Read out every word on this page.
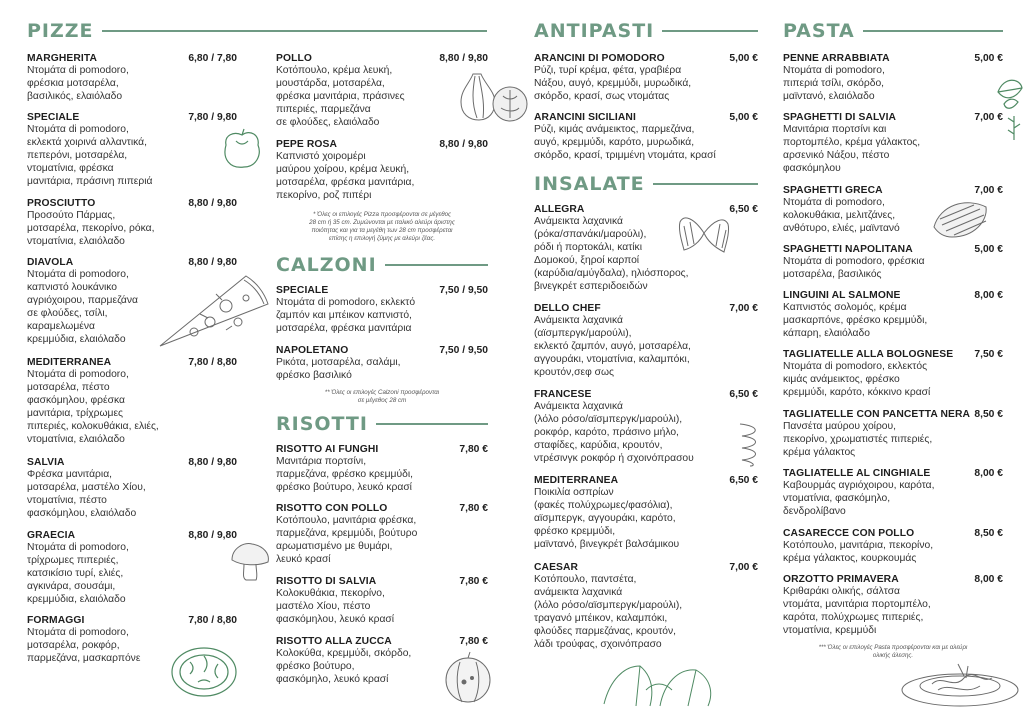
PIZZE
CALZONI
RISOTTI
ANTIPASTI
INSALATE
PASTA
MARGHERITA	6,80 / 7,80
Ντομάτα di pomodoro,
φρέσκια μοτσαρέλα,
βασιλικός, ελαιόλαδο
SPECIALE	7,80 / 9,80
Ντομάτα di pomodoro,
εκλεκτά χοιρινά αλλαντικά,
πεπερόνι, μοτσαρέλα,
ντοματίνια, φρέσκα
μανιτάρια, πράσινη πιπεριά
PROSCIUTTO	8,80 / 9,80
Προσούτο Πάρμας,
μοτσαρέλα, πεκορίνο, ρόκα,
ντοματίνια, ελαιόλαδο
DIAVOLA	8,80 / 9,80
Ντομάτα di pomodoro,
καπνιστό λουκάνικο
αγριόχοιρου, παρμεζάνα
σε φλούδες, τσίλι,
καραμελωμένα
κρεμμύδια, ελαιόλαδο
MEDITERRANEA	7,80 / 8,80
Ντομάτα di pomodoro,
μοτσαρέλα, πέστο
φασκόμηλου, φρέσκα
μανιτάρια, τρίχρωμες
πιπεριές, κολοκυθάκια, ελιές,
ντοματίνια, ελαιόλαδο
SALVIA	8,80 / 9,80
Φρέσκα μανιτάρια,
μοτσαρέλα, μαστέλο Χίου,
ντοματίνια, πέστο
φασκόμηλου, ελαιόλαδο
GRAECIA	8,80 / 9,80
Ντομάτα di pomodoro,
τρίχρωμες πιπεριές,
κατσικίσιο τυρί, ελιές,
αγκινάρα, σουσάμι,
κρεμμύδια, ελαιόλαδο
FORMAGGI	7,80 / 8,80
Ντομάτα di pomodoro,
μοτσαρέλα, ροκφόρ,
παρμεζάνα, μασκαρπόνε
POLLO	8,80 / 9,80
Κοτόπουλο, κρέμα λευκή,
μουστάρδα, μοτσαρέλα,
φρέσκα μανιτάρια, πράσινες
πιπεριές, παρμεζάνα
σε φλούδες, ελαιόλαδο
PEPE ROSA	8,80 / 9,80
Καπνιστό χοιρομέρι
μαύρου χοίρου, κρέμα λευκή,
μοτσαρέλα, φρέσκα μανιτάρια,
πεκορίνο, ροζ πιπέρι
SPECIALE	7,50 / 9,50
Ντομάτα di pomodoro, εκλεκτό
ζαμπόν και μπέικον καπνιστό,
μοτσαρέλα, φρέσκα μανιτάρια
NAPOLETANO	7,50 / 9,50
Ρικότα, μοτσαρέλα, σαλάμι,
φρέσκο βασιλικό
RISOTTO AI FUNGHI	7,80 €
Μανιτάρια πορτσίνι,
παρμεζάνα, φρέσκο κρεμμύδι,
φρέσκο βούτυρο, λευκό κρασί
RISOTTO CON POLLO	7,80 €
Κοτόπουλο, μανιτάρια φρέσκα,
παρμεζάνα, κρεμμύδι, βούτυρο
αρωματισμένο με θυμάρι,
λευκό κρασί
RISOTTO DI SALVIA	7,80 €
Κολοκυθάκια, πεκορίνο,
μαστέλο Χίου, πέστο
φασκόμηλου, λευκό κρασί
RISOTTO ALLA ZUCCA	7,80 €
Κολοκύθα, κρεμμύδι, σκόρδο,
φρέσκο βούτυρο,
φασκόμηλο, λευκό κρασί
ARANCINI DI POMODORO	5,00 €
Ρύζι, τυρί κρέμα, φέτα, γραβιέρα
Νάξου, αυγό, κρεμμύδι, μυρωδικά,
σκόρδο, κρασί, σως ντομάτας
ARANCINI SICILIANI	5,00 €
Ρύζι, κιμάς ανάμεικτος, παρμεζάνα,
αυγό, κρεμμύδι, καρότο, μυρωδικά,
σκόρδο, κρασί, τριμμένη ντομάτα, κρασί
ALLEGRA	6,50 €
Ανάμεικτα λαχανικά
(ρόκα/σπανάκι/μαρούλι),
ρόδι ή πορτοκάλι, κατίκι
Δομοκού, ξηροί καρποί
(καρύδια/αμύγδαλα), ηλιόσπορος,
βινεγκρέτ εσπεριδοειδών
DELLO CHEF	7,00 €
Ανάμεικτα λαχανικά
(αϊσμπεργκ/μαρούλι),
εκλεκτό ζαμπόν, αυγό, μοτσαρέλα,
αγγουράκι, ντοματίνια, καλαμπόκι,
κρουτόν,σεφ σως
FRANCESE	6,50 €
Ανάμεικτα λαχανικά
(λόλο ρόσο/αϊσμπεργκ/μαρούλι),
ροκφόρ, καρότο, πράσινο μήλο,
σταφίδες, καρύδια, κρουτόν,
ντρέσινγκ ροκφόρ ή σχοινόπρασου
MEDITERRANEA	6,50 €
Ποικιλία οσπρίων
(φακές πολύχρωμες/φασόλια),
αϊσμπεργκ, αγγουράκι, καρότο,
φρέσκο κρεμμύδι,
μαϊντανό, βινεγκρέτ βαλσάμικου
CAESAR	7,00 €
Κοτόπουλο, παντσέτα,
ανάμεικτα λαχανικά
(λόλο ρόσο/αϊσμπεργκ/μαρούλι),
τραγανό μπέικον, καλαμπόκι,
φλούδες παρμεζάνας, κρουτόν,
λάδι τρούφας, σχοινόπρασο
PENNE ARRABBIATA	5,00 €
Ντομάτα di pomodoro,
πιπεριά τσίλι, σκόρδο,
μαϊντανό, ελαιόλαδο
SPAGHETTI DI SALVIA	7,00 €
Μανιτάρια πορτσίνι και
πορτομπέλο, κρέμα γάλακτος,
αρσενικό Νάξου, πέστο
φασκόμηλου
SPAGHETTI GRECA	7,00 €
Ντομάτα di pomodoro,
κολοκυθάκια, μελιτζάνες,
ανθότυρο, ελιές, μαϊντανό
SPAGHETTI NAPOLITANA	5,00 €
Ντομάτα di pomodoro, φρέσκια
μοτσαρέλα, βασιλικός
LINGUINI AL SALMONE	8,00 €
Καπνιστός σολομός, κρέμα
μασκαρπόνε, φρέσκο κρεμμύδι,
κάπαρη, ελαιόλαδο
TAGLIATELLE ALLA BOLOGNESE 7,50 €
Ντομάτα di pomodoro, εκλεκτός
κιμάς ανάμεικτος, φρέσκο
κρεμμύδι, καρότο, κόκκινο κρασί
TAGLIATELLE CON PANCETTA NERA 8,50 €
Πανσέτα μαύρου χοίρου,
πεκορίνο, χρωματιστές πιπεριές,
κρέμα γάλακτος
TAGLIATELLE AL CINGHIALE	8,00 €
Καβουρμάς αγριόχοιρου, καρότα,
ντοματίνια, φασκόμηλο,
δενδρολίβανο
CASARECCE CON POLLO	8,50 €
Κοτόπουλο, μανιτάρια, πεκορίνο,
κρέμα γάλακτος, κουρκουμάς
ORZOTTO PRIMAVERA	8,00 €
Κριθαράκι ολικής, σάλτσα
ντομάτα, μανιτάρια πορτομπέλο,
καρότα, πολύχρωμες πιπεριές,
ντοματίνια, κρεμμύδι
* Όλες οι επιλογές Pizza προσφέρονται σε μέγεθος
28 cm ή 35 cm. Ζυμώνονται με ιταλικό αλεύρι άριστης
ποιότητας και για τα μεγέθη των 28 cm προσφέρεται
επίσης η επιλογή ζύμης με αλεύρι ζέας.
** Όλες οι επιλογές Calzoni προσφέρονται
σε μέγεθος 28 cm
*** Όλες οι επιλογές Pasta προσφέρονται και με αλεύρι
ολικής άλεσης.
